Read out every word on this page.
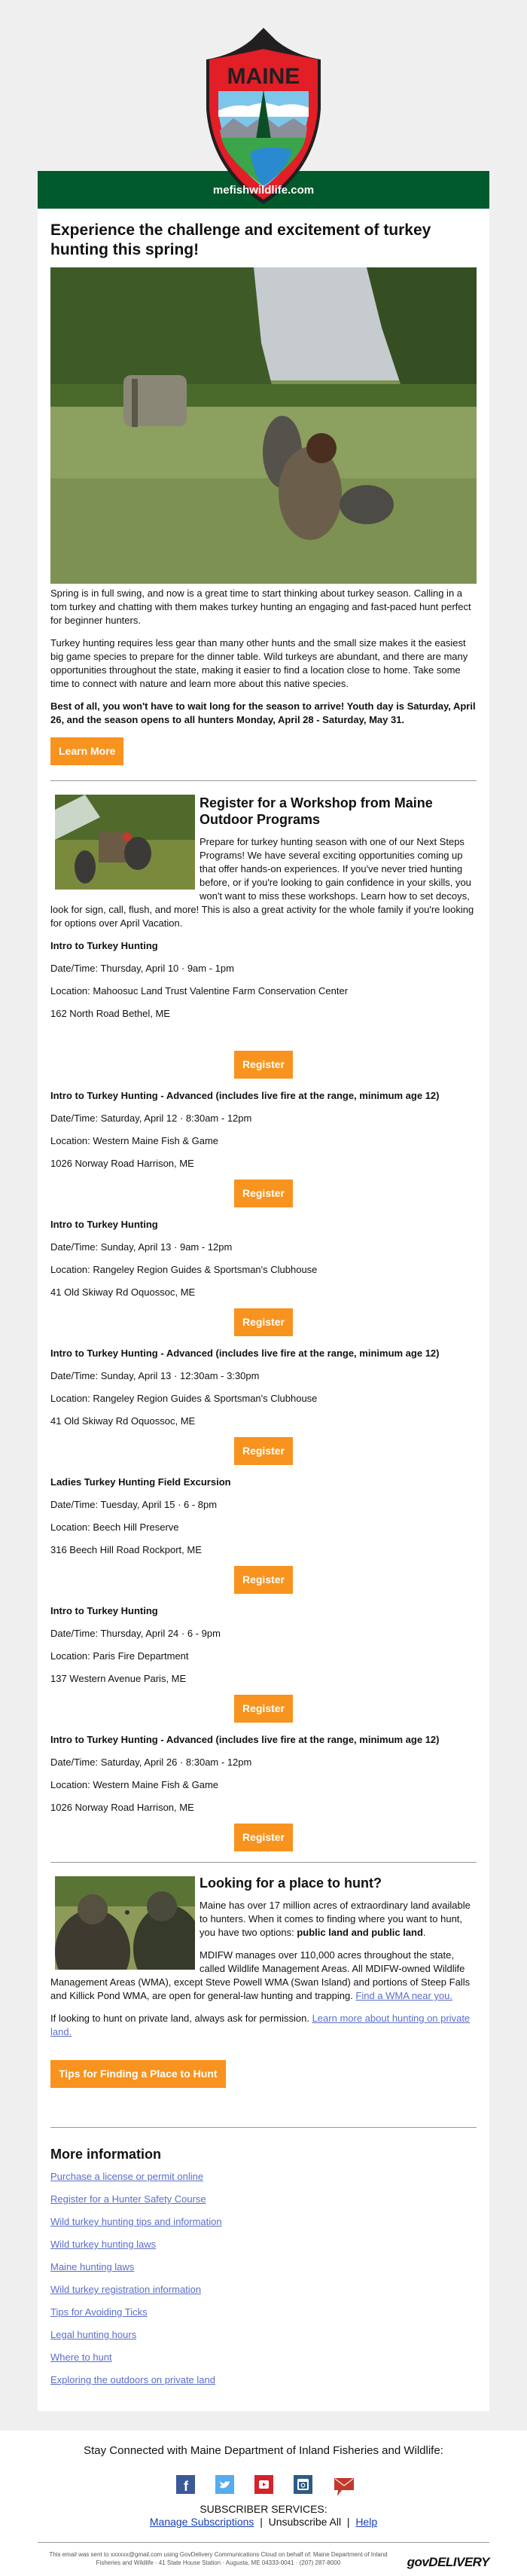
MAINE
mefishwildlife.com
Experience the challenge and excitement of turkey hunting this spring!

Spring is in full swing, and now is a great time to start thinking about turkey season. Calling in a tom turkey and chatting with them makes turkey hunting an engaging and fast-paced hunt perfect for beginner hunters.

Turkey hunting requires less gear than many other hunts and the small size makes it the easiest big game species to prepare for the dinner table. Wild turkeys are abundant, and there are many opportunities throughout the state, making it easier to find a location close to home. Take some time to connect with nature and learn more about this native species.

Best of all, you won't have to wait long for the season to arrive! Youth day is Saturday, April 26, and the season opens to all hunters Monday, April 28 - Saturday, May 31.

Learn More
Register for a Workshop from Maine Outdoor Programs

Prepare for turkey hunting season with one of our Next Steps Programs! We have several exciting opportunities coming up that offer hands-on experiences. If you've never tried hunting before, or if you're looking to gain confidence in your skills, you won't want to miss these workshops. Learn how to set decoys, look for sign, call, flush, and more! This is also a great activity for the whole family if you're looking for options over April Vacation.

Intro to Turkey Hunting

Date/Time: Thursday, April 10 · 9am - 1pm

Location: Mahoosuc Land Trust Valentine Farm Conservation Center

162 North Road Bethel, ME

Register

Intro to Turkey Hunting - Advanced (includes live fire at the range, minimum age 12)

Date/Time: Saturday, April 12 · 8:30am - 12pm

Location: Western Maine Fish & Game

1026 Norway Road Harrison, ME

Register

Intro to Turkey Hunting

Date/Time: Sunday, April 13 · 9am - 12pm

Location: Rangeley Region Guides & Sportsman's Clubhouse

41 Old Skiway Rd Oquossoc, ME

Register

Intro to Turkey Hunting - Advanced (includes live fire at the range, minimum age 12)

Date/Time: Sunday, April 13 · 12:30am - 3:30pm

Location: Rangeley Region Guides & Sportsman's Clubhouse

41 Old Skiway Rd Oquossoc, ME

Register

Ladies Turkey Hunting Field Excursion

Date/Time: Tuesday, April 15 · 6 - 8pm

Location: Beech Hill Preserve

316 Beech Hill Road Rockport, ME

Register

Intro to Turkey Hunting

Date/Time: Thursday, April 24 · 6 - 9pm

Location: Paris Fire Department

137 Western Avenue Paris, ME

Register

Intro to Turkey Hunting - Advanced (includes live fire at the range, minimum age 12)

Date/Time: Saturday, April 26 · 8:30am - 12pm

Location: Western Maine Fish & Game

1026 Norway Road Harrison, ME

Register
Looking for a place to hunt?

Maine has over 17 million acres of extraordinary land available to hunters. When it comes to finding where you want to hunt, you have two options: public land and public land.

MDIFW manages over 110,000 acres throughout the state, called Wildlife Management Areas. All MDIFW-owned Wildlife Management Areas (WMA), except Steve Powell WMA (Swan Island) and portions of Steep Falls and Killick Pond WMA, are open for general-law hunting and trapping. Find a WMA near you.

If looking to hunt on private land, always ask for permission. Learn more about hunting on private land.

Tips for Finding a Place to Hunt
More information
Purchase a license or permit online
Register for a Hunter Safety Course
Wild turkey hunting tips and information
Wild turkey hunting laws
Maine hunting laws
Wild turkey registration information
Tips for Avoiding Ticks
Legal hunting hours
Where to hunt
Exploring the outdoors on private land
Stay Connected with Maine Department of Inland Fisheries and Wildlife:
f
SUBSCRIBER SERVICES:
Manage Subscriptions | Unsubscribe All | Help

This email was sent to xxxxxx@gmail.com using GovDelivery Communications Cloud on behalf of: Maine Department of Inland Fisheries and Wildlife · 41 State House Station · Augusta, ME 04333-0041 · (207) 287-8000	govDELIVERY
